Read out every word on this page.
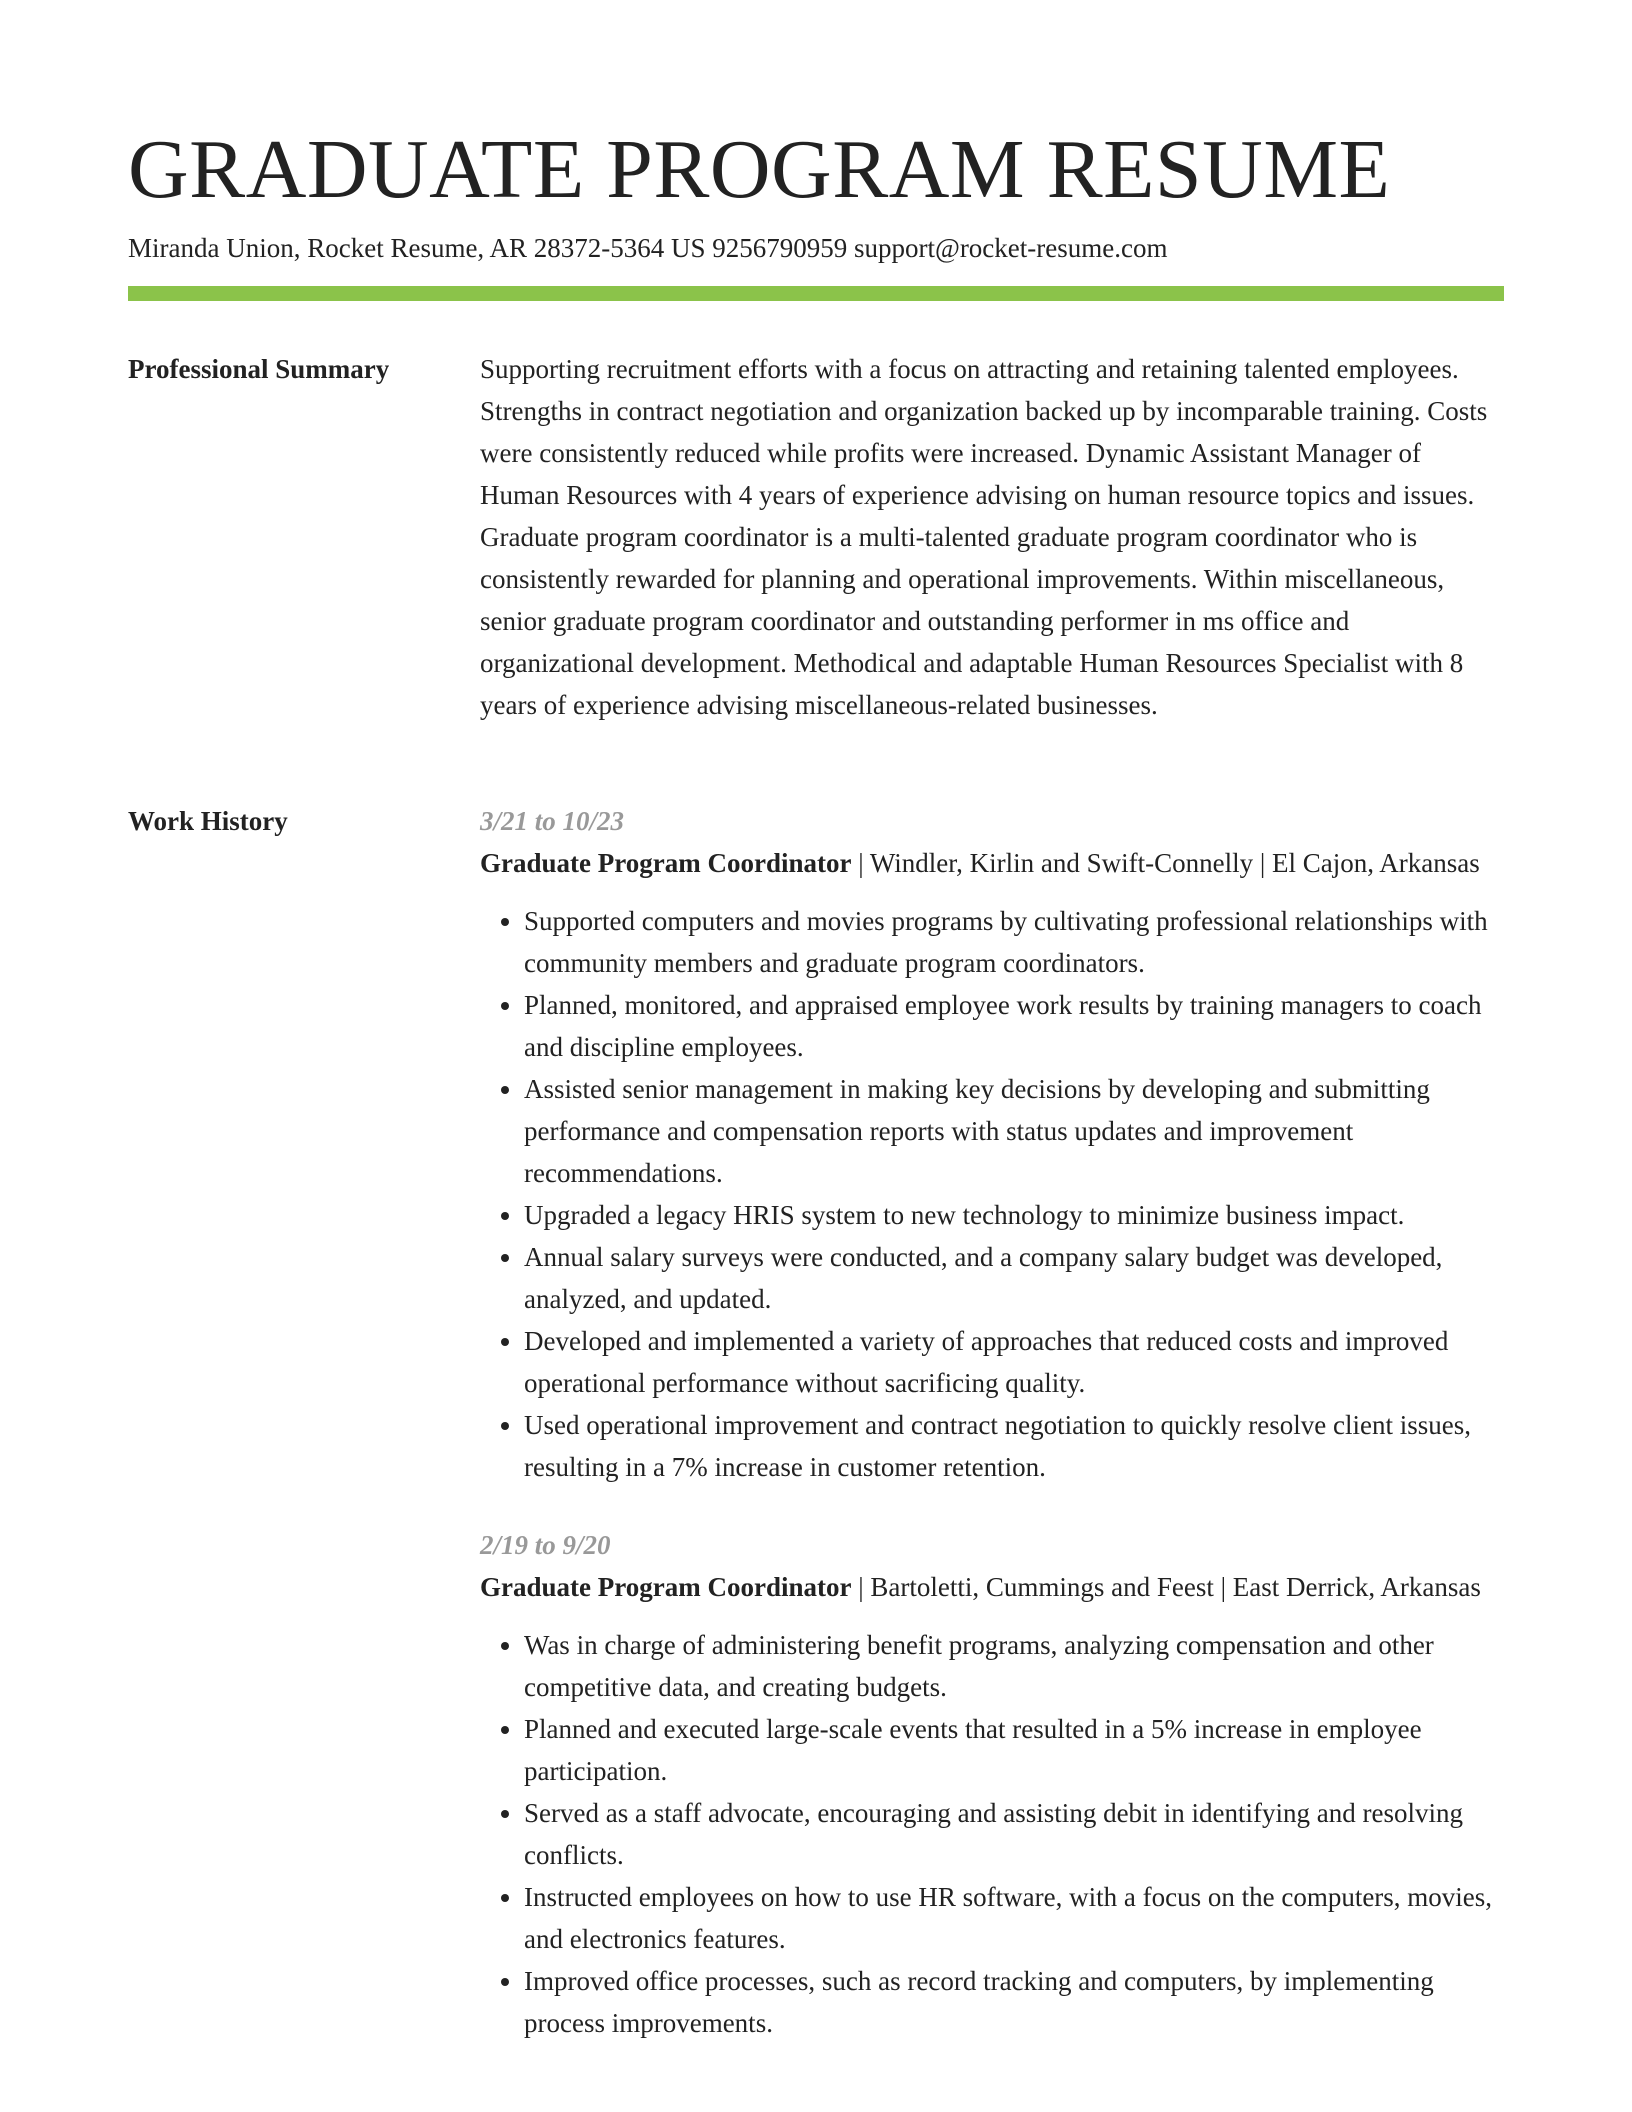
GRADUATE PROGRAM RESUME
Miranda Union, Rocket Resume, AR 28372-5364 US 9256790959 support@rocket-resume.com
Professional Summary	Supporting recruitment efforts with a focus on attracting and retaining talented employees. Strengths in contract negotiation and organization backed up by incomparable training. Costs were consistently reduced while profits were increased. Dynamic Assistant Manager of Human Resources with 4 years of experience advising on human resource topics and issues. Graduate program coordinator is a multi-talented graduate program coordinator who is consistently rewarded for planning and operational improvements. Within miscellaneous, senior graduate program coordinator and outstanding performer in ms office and organizational development. Methodical and adaptable Human Resources Specialist with 8 years of experience advising miscellaneous-related businesses.

Work History	3/21 to 10/23

Graduate Program Coordinator | Windler, Kirlin and Swift-Connelly | El Cajon, Arkansas

• Supported computers and movies programs by cultivating professional relationships with community members and graduate program coordinators.
• Planned, monitored, and appraised employee work results by training managers to coach and discipline employees.
• Assisted senior management in making key decisions by developing and submitting performance and compensation reports with status updates and improvement recommendations.
• Upgraded a legacy HRIS system to new technology to minimize business impact.
• Annual salary surveys were conducted, and a company salary budget was developed, analyzed, and updated.
• Developed and implemented a variety of approaches that reduced costs and improved operational performance without sacrificing quality.
• Used operational improvement and contract negotiation to quickly resolve client issues, resulting in a 7% increase in customer retention.
2/19 to 9/20

Graduate Program Coordinator | Bartoletti, Cummings and Feest | East Derrick, Arkansas

• Was in charge of administering benefit programs, analyzing compensation and other competitive data, and creating budgets.
• Planned and executed large-scale events that resulted in a 5% increase in employee participation.
• Served as a staff advocate, encouraging and assisting debit in identifying and resolving conflicts.
• Instructed employees on how to use HR software, with a focus on the computers, movies, and electronics features.
• Improved office processes, such as record tracking and computers, by implementing process improvements.
